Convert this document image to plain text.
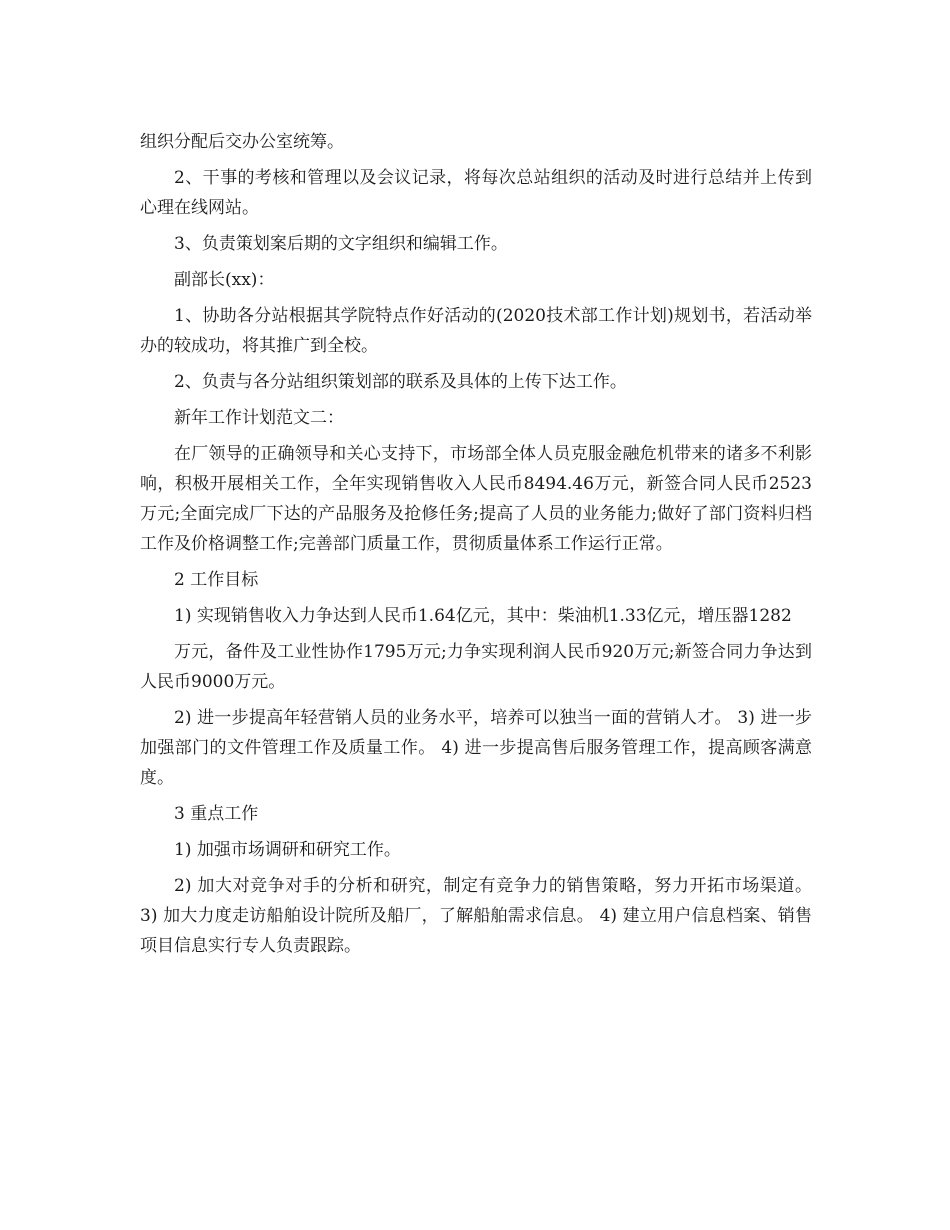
组织分配后交办公室统筹。

2、干事的考核和管理以及会议记录，将每次总站组织的活动及时进行总结并上传到心理在线网站。

3、负责策划案后期的文字组织和编辑工作。

副部长(xx)：

1、协助各分站根据其学院特点作好活动的(2020技术部工作计划)规划书，若活动举办的较成功，将其推广到全校。

2、负责与各分站组织策划部的联系及具体的上传下达工作。

新年工作计划范文二：

在厂领导的正确领导和关心支持下，市场部全体人员克服金融危机带来的诸多不利影响，积极开展相关工作，全年实现销售收入人民币8494.46万元，新签合同人民币2523万元;全面完成厂下达的产品服务及抢修任务;提高了人员的业务能力;做好了部门资料归档工作及价格调整工作;完善部门质量工作，贯彻质量体系工作运行正常。

2 工作目标

1) 实现销售收入力争达到人民币1.64亿元，其中：柴油机1.33亿元，增压器1282

万元，备件及工业性协作1795万元;力争实现利润人民币920万元;新签合同力争达到人民币9000万元。

2) 进一步提高年轻营销人员的业务水平，培养可以独当一面的营销人才。 3) 进一步加强部门的文件管理工作及质量工作。 4) 进一步提高售后服务管理工作，提高顾客满意度。

3 重点工作

1) 加强市场调研和研究工作。

2) 加大对竞争对手的分析和研究，制定有竞争力的销售策略，努力开拓市场渠道。 3) 加大力度走访船舶设计院所及船厂，了解船舶需求信息。 4) 建立用户信息档案、销售项目信息实行专人负责跟踪。
